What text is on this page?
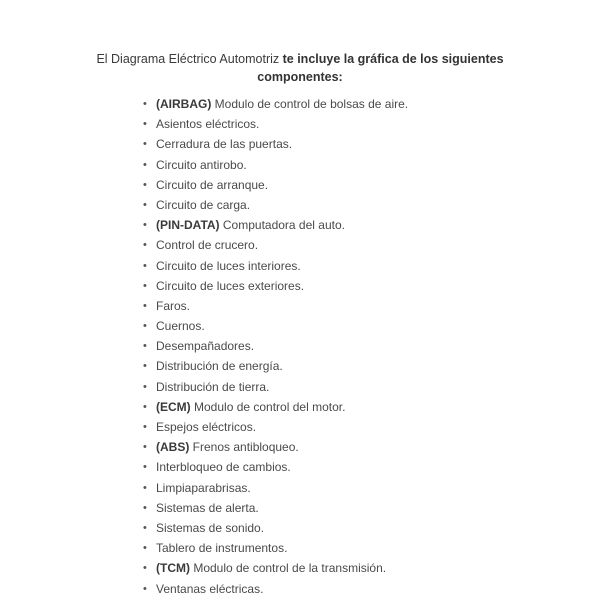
El Diagrama Eléctrico Automotriz te incluye la gráfica de los siguientes componentes:

• (AIRBAG) Modulo de control de bolsas de aire.
• Asientos eléctricos.
• Cerradura de las puertas.
• Circuito antirobo.
• Circuito de arranque.
• Circuito de carga.
• (PIN-DATA) Computadora del auto.
• Control de crucero.
• Circuito de luces interiores.
• Circuito de luces exteriores.
• Faros.
• Cuernos.
• Desempañadores.
• Distribución de energía.
• Distribución de tierra.
• (ECM) Modulo de control del motor.
• Espejos eléctricos.
• (ABS) Frenos antibloqueo.
• Interbloqueo de cambios.
• Limpiaparabrisas.
• Sistemas de alerta.
• Sistemas de sonido.
• Tablero de instrumentos.
• (TCM) Modulo de control de la transmisión.
• Ventanas eléctricas.
